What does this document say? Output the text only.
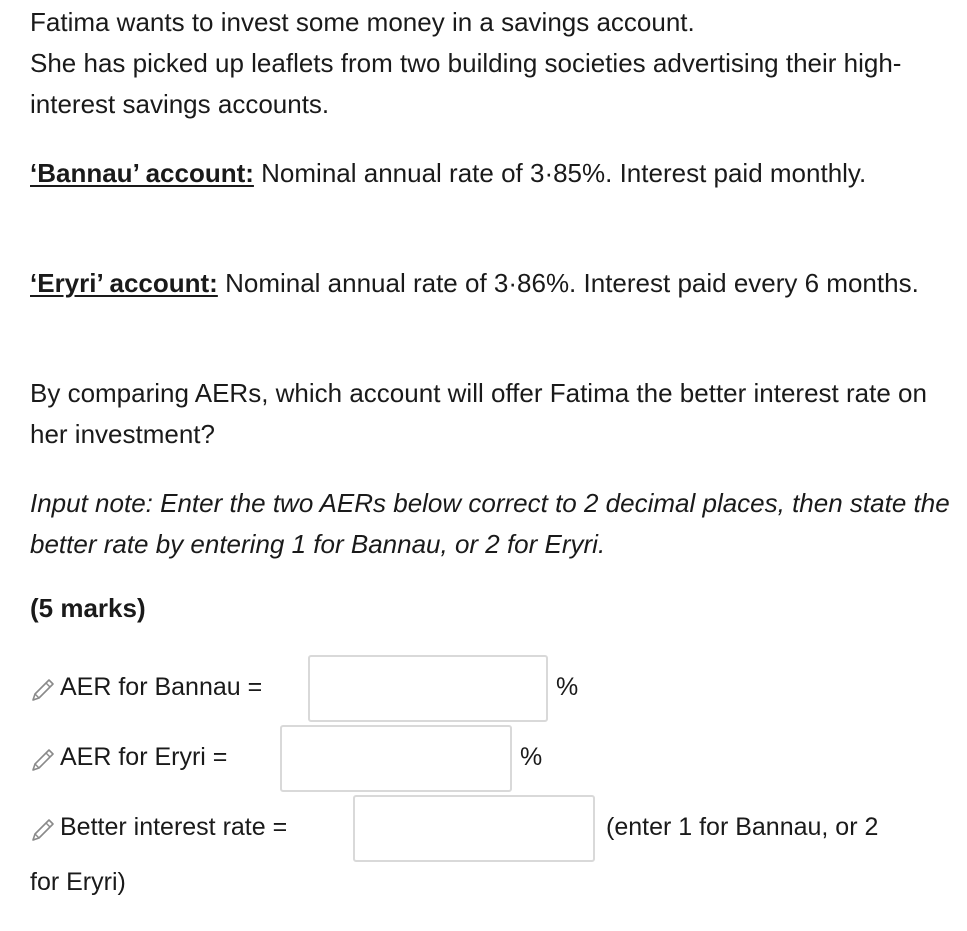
Fatima wants to invest some money in a savings account.
She has picked up leaflets from two building societies advertising their high-interest savings accounts.

‘Bannau’ account: Nominal annual rate of 3·85%. Interest paid monthly.

‘Eryri’ account: Nominal annual rate of 3·86%. Interest paid every 6 months.

By comparing AERs, which account will offer Fatima the better interest rate on her investment?

Input note: Enter the two AERs below correct to 2 decimal places, then state the better rate by entering 1 for Bannau, or 2 for Eryri.

(5 marks)

AER for Bannau =	%
AER for Eryri =	%
Better interest rate =	(enter 1 for Bannau, or 2
for Eryri)
